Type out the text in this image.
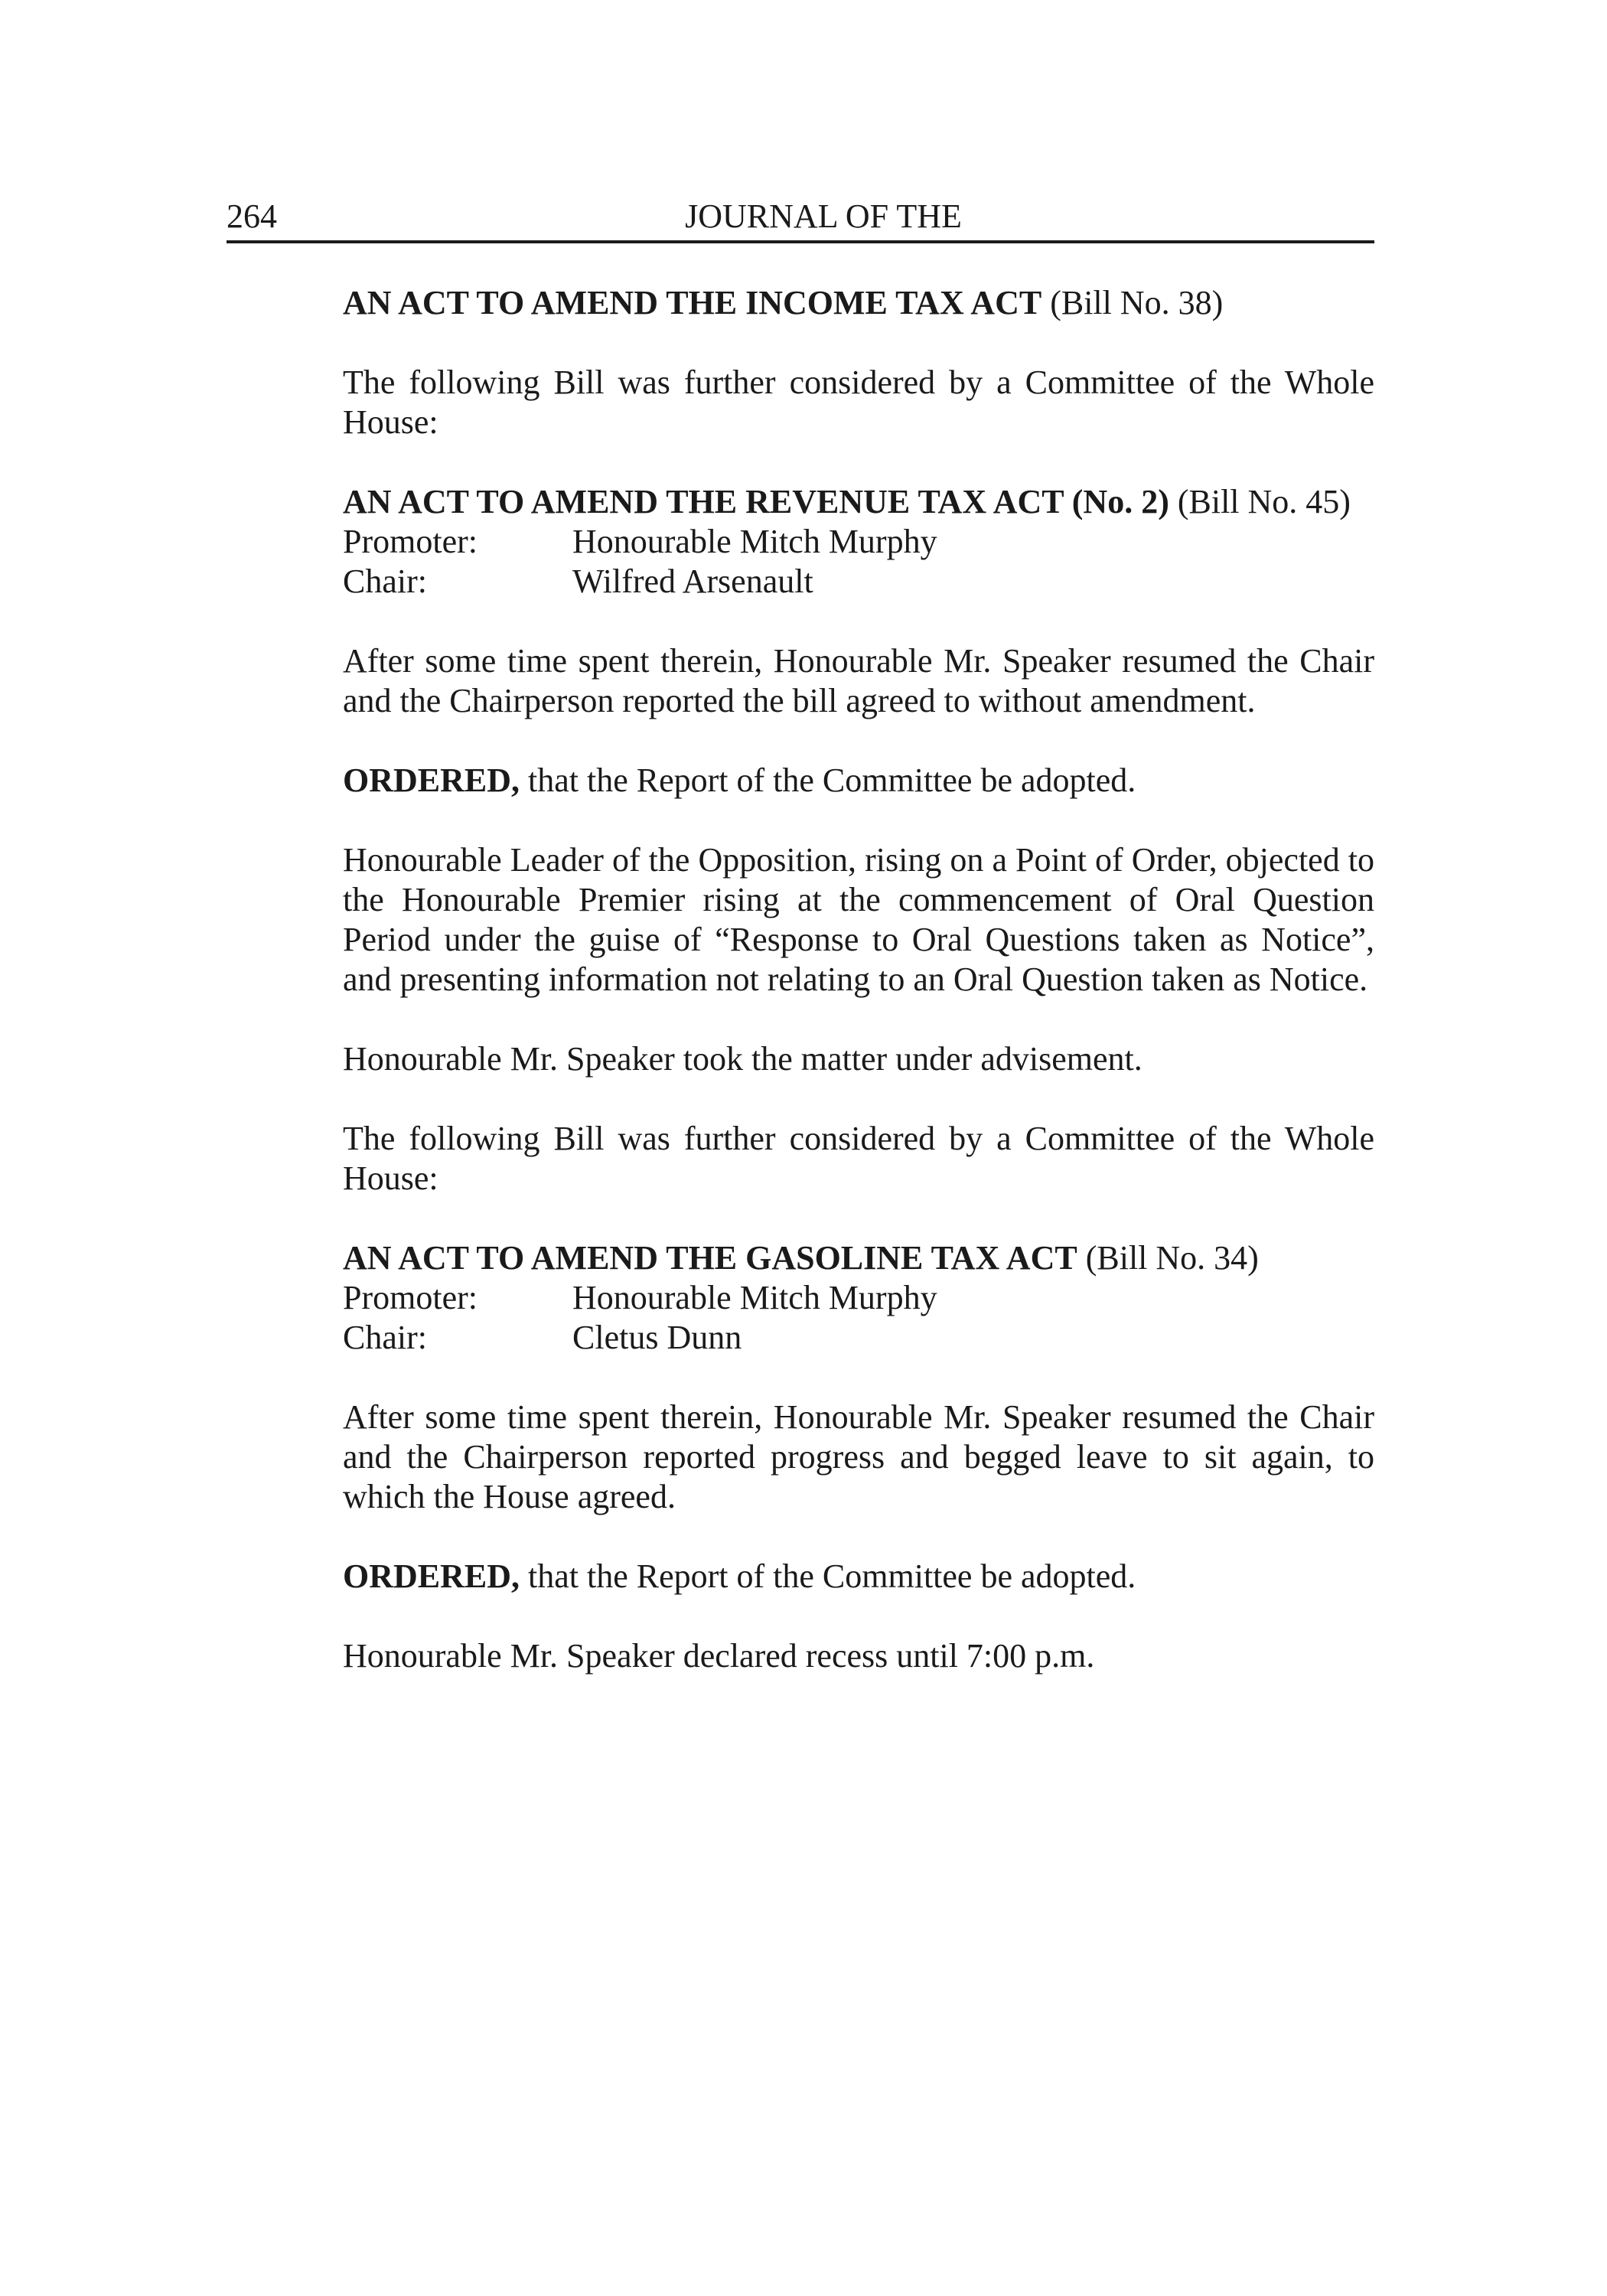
264	JOURNAL OF THE

AN ACT TO AMEND THE INCOME TAX ACT (Bill No. 38)

The following Bill was further considered by a Committee of the Whole House:

AN ACT TO AMEND THE REVENUE TAX ACT (No. 2) (Bill No. 45)

Promoter:	Honourable Mitch Murphy
Chair:	Wilfred Arsenault

After some time spent therein, Honourable Mr. Speaker resumed the Chair and the Chairperson reported the bill agreed to without amendment.

ORDERED, that the Report of the Committee be adopted.

Honourable Leader of the Opposition, rising on a Point of Order, objected to the Honourable Premier rising at the commencement of Oral Question Period under the guise of “Response to Oral Questions taken as Notice”, and presenting information not relating to an Oral Question taken as Notice.

Honourable Mr. Speaker took the matter under advisement.

The following Bill was further considered by a Committee of the Whole House:

AN ACT TO AMEND THE GASOLINE TAX ACT (Bill No. 34)

Promoter:	Honourable Mitch Murphy
Chair:	Cletus Dunn

After some time spent therein, Honourable Mr. Speaker resumed the Chair and the Chairperson reported progress and begged leave to sit again, to which the House agreed.

ORDERED, that the Report of the Committee be adopted.

Honourable Mr. Speaker declared recess until 7:00 p.m.
